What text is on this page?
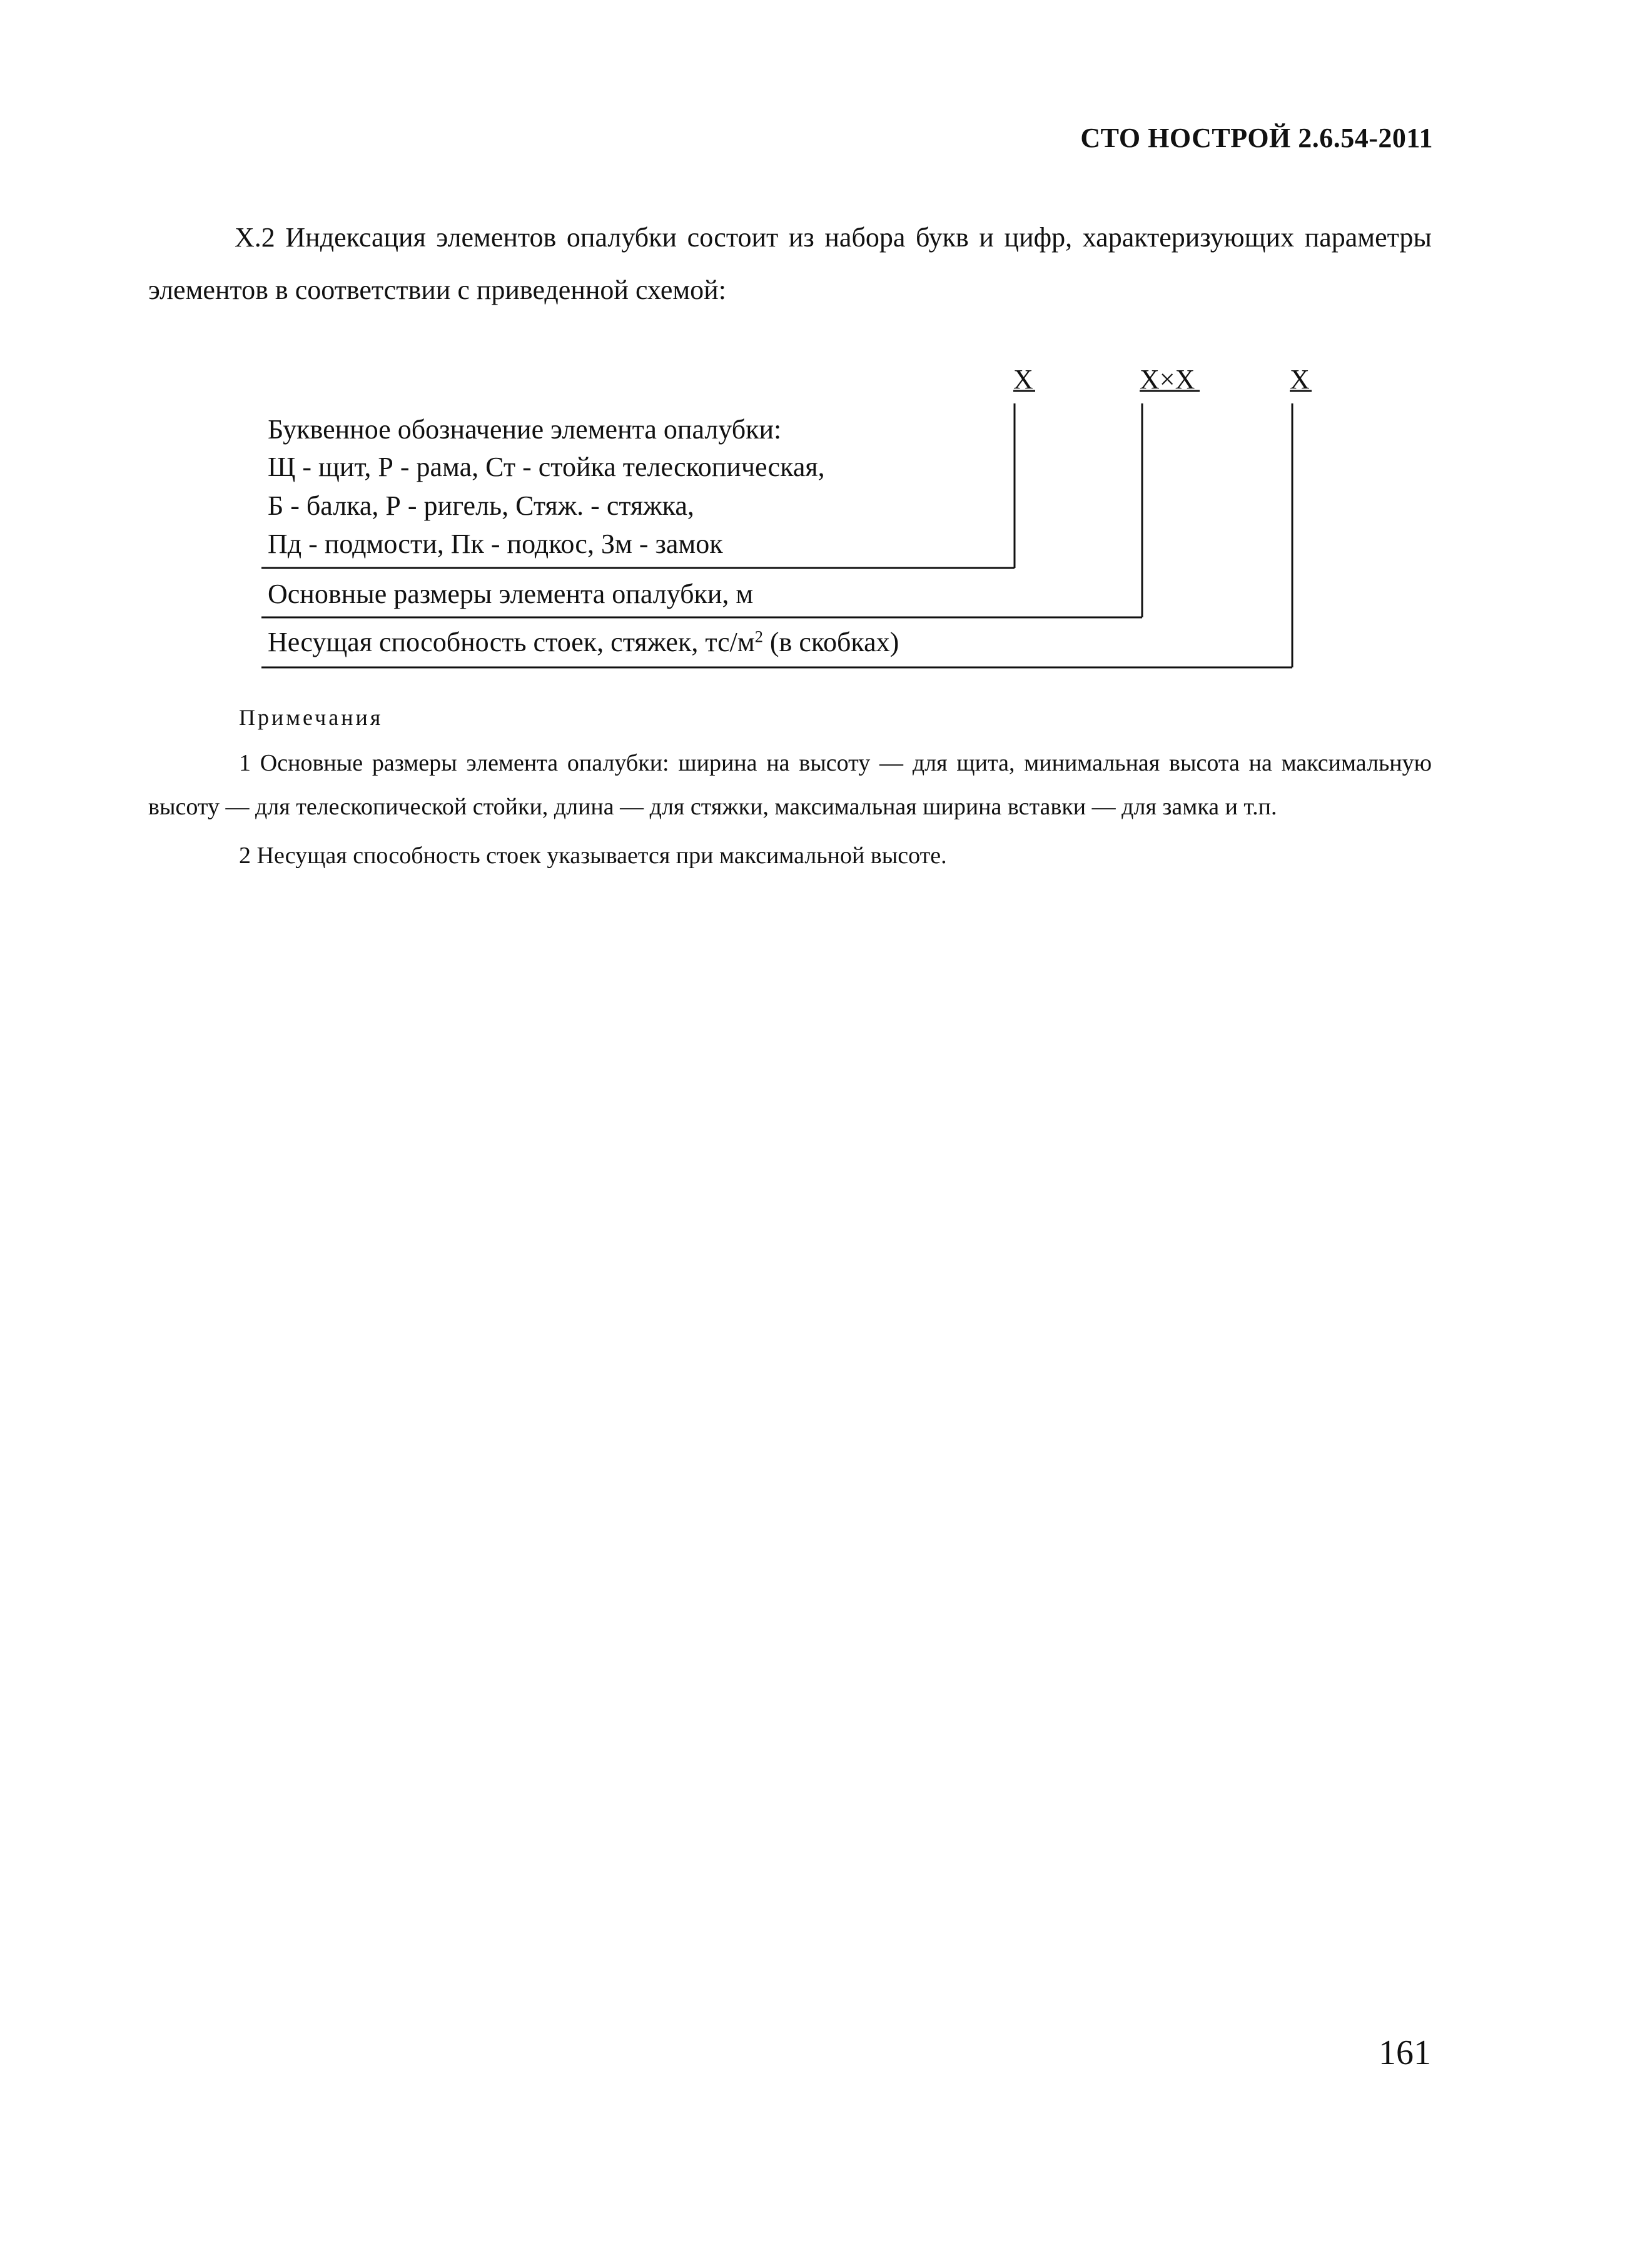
СТО НОСТРОЙ 2.6.54-2011

Х.2 Индексация элементов опалубки состоит из набора букв и цифр, характеризующих параметры элементов в соответствии с приведенной схемой:

Х	Х×Х	Х
Буквенное обозначение элемента опалубки:
Щ - щит, Р - рама, Ст - стойка телескопическая,
Б - балка, Р - ригель, Стяж. - стяжка,
Пд - подмости, Пк - подкос, Зм - замок
Основные размеры элемента опалубки, м
Несущая способность стоек, стяжек, $тс/м^2$ (в скобках)
Примечания

1 Основные размеры элемента опалубки: ширина на высоту — для щита, минимальная высота на максимальную высоту — для телескопической стойки, длина — для стяжки, максимальная ширина вставки — для замка и т.п.

2 Несущая способность стоек указывается при максимальной высоте.

161
